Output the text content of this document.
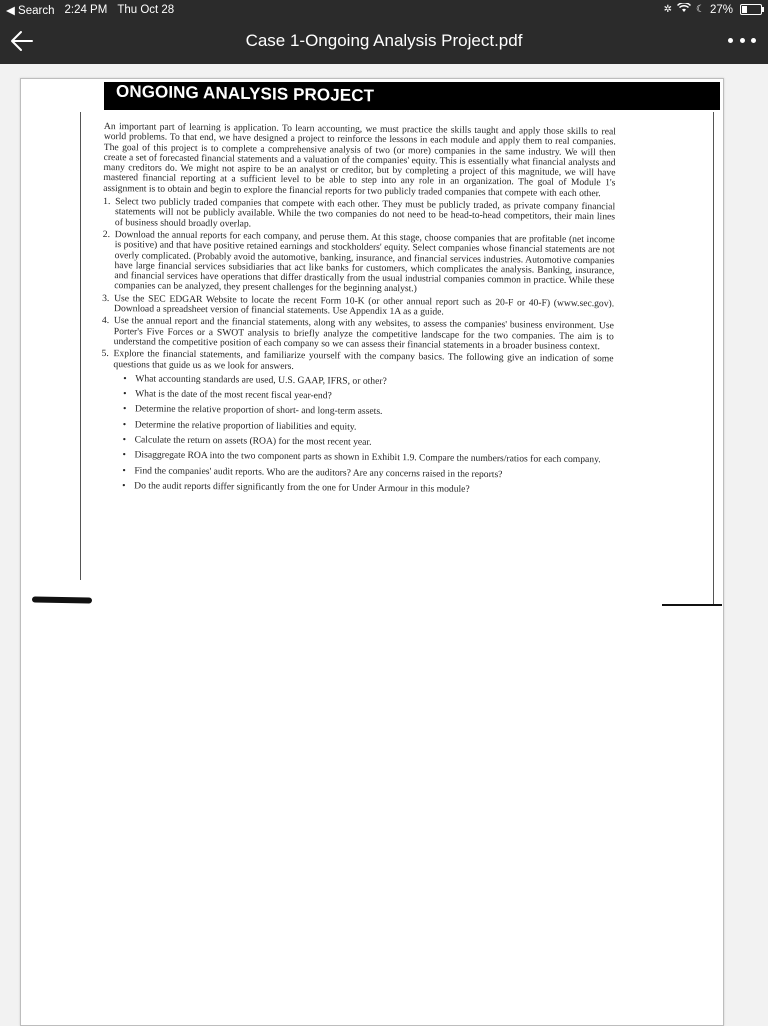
◀ Search 2:24 PM Thu Oct 28	✲ ☾ 27%
Case 1-Ongoing Analysis Project.pdf
ONGOING ANALYSIS PROJECT

An important part of learning is application. To learn accounting, we must practice the skills taught and apply those skills to real world problems. To that end, we have designed a project to reinforce the lessons in each module and apply them to real companies. The goal of this project is to complete a comprehensive analysis of two (or more) companies in the same industry. We will then create a set of forecasted financial statements and a valuation of the companies' equity. This is essentially what financial analysts and many creditors do. We might not aspire to be an analyst or creditor, but by completing a project of this magnitude, we will have mastered financial reporting at a sufficient level to be able to step into any role in an organization. The goal of Module 1's assignment is to obtain and begin to explore the financial reports for two publicly traded companies that compete with each other.

1. Select two publicly traded companies that compete with each other. They must be publicly traded, as private company financial statements will not be publicly available. While the two companies do not need to be head-to-head competitors, their main lines of business should broadly overlap.
2. Download the annual reports for each company, and peruse them. At this stage, choose companies that are profitable (net income is positive) and that have positive retained earnings and stockholders' equity. Select companies whose financial statements are not overly complicated. (Probably avoid the automotive, banking, insurance, and financial services industries. Automotive companies have large financial services subsidiaries that act like banks for customers, which complicates the analysis. Banking, insurance, and financial services have operations that differ drastically from the usual industrial companies common in practice. While these companies can be analyzed, they present challenges for the beginning analyst.)
3. Use the SEC EDGAR Website to locate the recent Form 10-K (or other annual report such as 20-F or 40-F) (www.sec.gov). Download a spreadsheet version of financial statements. Use Appendix 1A as a guide.
4. Use the annual report and the financial statements, along with any websites, to assess the companies' business environment. Use Porter's Five Forces or a SWOT analysis to briefly analyze the competitive landscape for the two companies. The aim is to understand the competitive position of each company so we can assess their financial statements in a broader business context.
5. Explore the financial statements, and familiarize yourself with the company basics. The following give an indication of some questions that guide us as we look for answers.
• What accounting standards are used, U.S. GAAP, IFRS, or other?
• What is the date of the most recent fiscal year-end?
• Determine the relative proportion of short- and long-term assets.
• Determine the relative proportion of liabilities and equity.
• Calculate the return on assets (ROA) for the most recent year.
• Disaggregate ROA into the two component parts as shown in Exhibit 1.9. Compare the numbers/ratios for each company.
• Find the companies' audit reports. Who are the auditors? Are any concerns raised in the reports?
• Do the audit reports differ significantly from the one for Under Armour in this module?
